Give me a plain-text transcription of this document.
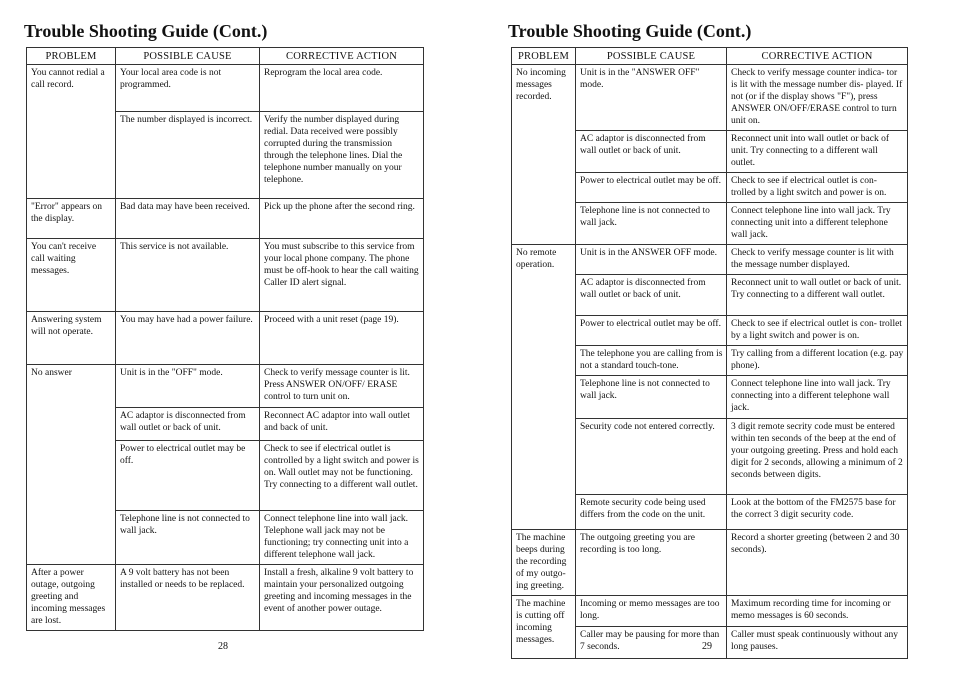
Trouble Shooting Guide (Cont.)
PROBLEM	POSSIBLE CAUSE	CORRECTIVE ACTION
You cannot redial a call record.	Your local area code is not programmed.	Reprogram the local area code.
	The number displayed is incorrect.	Verify the number displayed during redial. Data received were possibly corrupted during the transmission through the telephone lines. Dial the telephone number manually on your telephone.
"Error" appears on the display.	Bad data may have been received.	Pick up the phone after the second ring.
You can't receive call waiting messages.	This service is not available.	You must subscribe to this service from your local phone company. The phone must be off-hook to hear the call waiting Caller ID alert signal.
Answering system will not operate.	You may have had a power failure.	Proceed with a unit reset (page 19).
No answer	Unit is in the "OFF" mode.	Check to verify message counter is lit. Press ANSWER ON/OFF/ ERASE control to turn unit on.
	AC adaptor is disconnected from wall outlet or back of unit.	Reconnect AC adaptor into wall outlet and back of unit.
	Power to electrical outlet may be off.	Check to see if electrical outlet is controlled by a light switch and power is on. Wall outlet may not be functioning. Try connecting to a different wall outlet.
	Telephone line is not connected to wall jack.	Connect telephone line into wall jack. Telephone wall jack may not be functioning; try connecting unit into a different telephone wall jack.
After a power outage, outgoing greeting and incoming messages are lost.	A 9 volt battery has not been installed or needs to be replaced.	Install a fresh, alkaline 9 volt battery to maintain your personalized outgoing greeting and incoming messages in the event of another power outage.
28
Trouble Shooting Guide (Cont.)
PROBLEM	POSSIBLE CAUSE	CORRECTIVE ACTION
No incoming messages recorded.	Unit is in the "ANSWER OFF" mode.	Check to verify message counter indica- tor is lit with the message number dis- played. If not (or if the display shows "F"), press ANSWER ON/OFF/ERASE control to turn unit on.
	AC adaptor is disconnected from wall outlet or back of unit.	Reconnect unit into wall outlet or back of unit. Try connecting to a different wall outlet.
	Power to electrical outlet may be off.	Check to see if electrical outlet is con- trolled by a light switch and power is on.
	Telephone line is not connected to wall jack.	Connect telephone line into wall jack. Try connecting unit into a different telephone wall jack.
No remote operation.	Unit is in the ANSWER OFF mode.	Check to verify message counter is lit with the message number displayed.
	AC adaptor is disconnected from wall outlet or back of unit.	Reconnect unit to wall outlet or back of unit. Try connecting to a different wall outlet.
	Power to electrical outlet may be off.	Check to see if electrical outlet is con- trollet by a light switch and power is on.
	The telephone you are calling from is not a standard touch-tone.	Try calling from a different location (e.g. pay phone).
	Telephone line is not connected to wall jack.	Connect telephone line into wall jack. Try connecting into a different telephone wall jack.
	Security code not entered correctly.	3 digit remote secrity code must be entered within ten seconds of the beep at the end of your outgoing greeting. Press and hold each digit for 2 seconds, allowing a minimum of 2 seconds between digits.
	Remote security code being used differs from the code on the unit.	Look at the bottom of the FM2575 base for the correct 3 digit security code.
The machine beeps during the recording of my outgo- ing greeting.	The outgoing greeting you are recording is too long.	Record a shorter greeting (between 2 and 30 seconds).
The machine is cutting off incoming messages.	Incoming or memo messages are too long.	Maximum recording time for incoming or memo messages is 60 seconds.
	Caller may be pausing for more than 7 seconds.	Caller must speak continuously without any long pauses.
29
